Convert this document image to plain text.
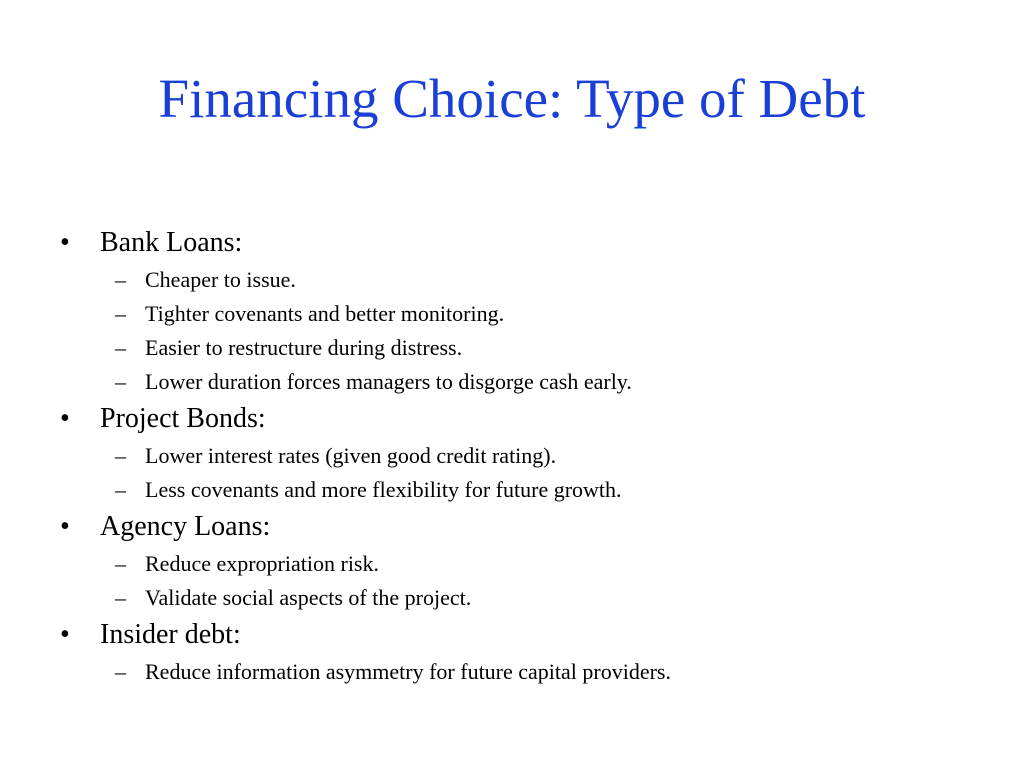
Financing Choice: Type of Debt
•	Bank Loans:
– Cheaper to issue.
– Tighter covenants and better monitoring.
– Easier to restructure during distress.
– Lower duration forces managers to disgorge cash early.
•	Project Bonds:
– Lower interest rates (given good credit rating).
– Less covenants and more flexibility for future growth.
•	Agency Loans:
– Reduce expropriation risk.
– Validate social aspects of the project.
•	Insider debt:
– Reduce information asymmetry for future capital providers.
